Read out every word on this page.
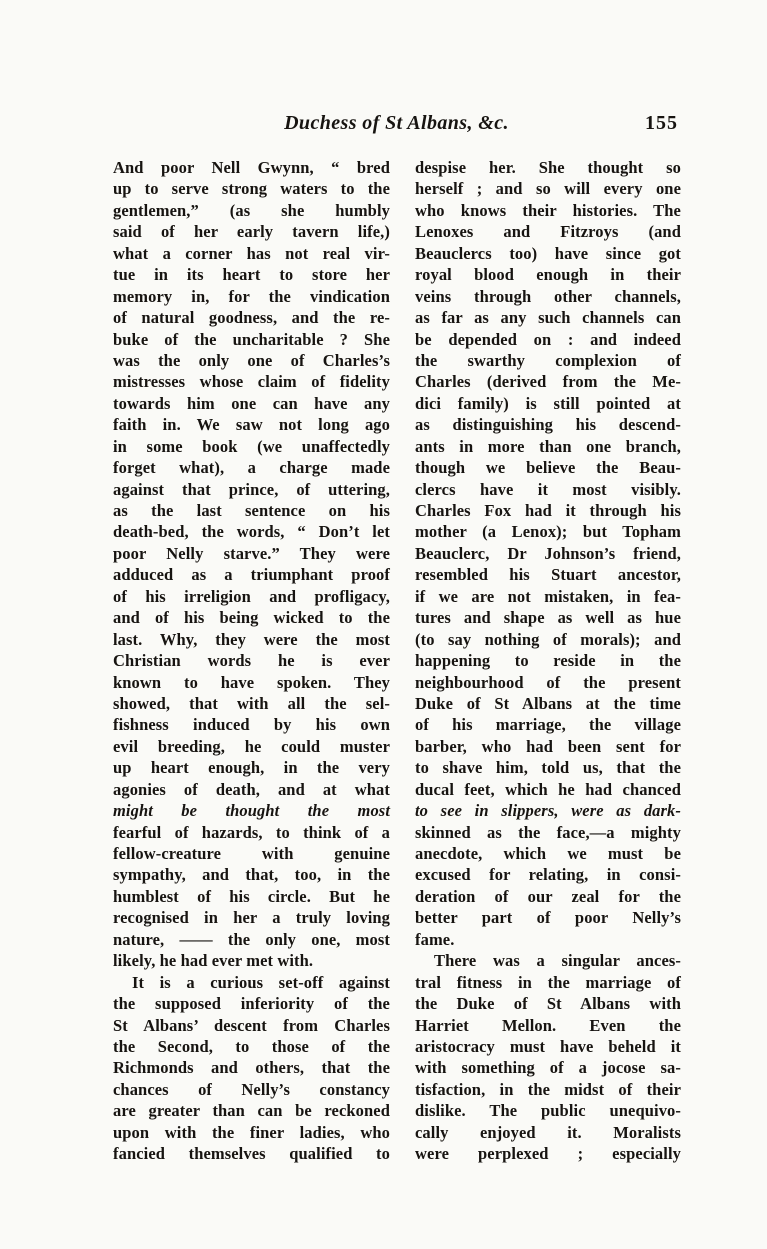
Duchess of St Albans, &c.	155
And poor Nell Gwynn, “ bred
up to serve strong waters to the
gentlemen,” (as she humbly
said of her early tavern life,)
what a corner has not real vir-
tue in its heart to store her
memory in, for the vindication
of natural goodness, and the re-
buke of the uncharitable ? She
was the only one of Charles’s
mistresses whose claim of fidelity
towards him one can have any
faith in. We saw not long ago
in some book (we unaffectedly
forget what), a charge made
against that prince, of uttering,
as the last sentence on his
death-bed, the words, “ Don’t let
poor Nelly starve.” They were
adduced as a triumphant proof
of his irreligion and profligacy,
and of his being wicked to the
last. Why, they were the most
Christian words he is ever
known to have spoken. They
showed, that with all the sel-
fishness induced by his own
evil breeding, he could muster
up heart enough, in the very
agonies of death, and at what
might be thought the most
fearful of hazards, to think of a
fellow-creature with genuine
sympathy, and that, too, in the
humblest of his circle. But he
recognised in her a truly loving
nature, —— the only one, most
likely, he had ever met with.
It is a curious set-off against
the supposed inferiority of the
St Albans’ descent from Charles
the Second, to those of the
Richmonds and others, that the
chances of Nelly’s constancy
are greater than can be reckoned
upon with the finer ladies, who
fancied themselves qualified to
despise her. She thought so
herself ; and so will every one
who knows their histories. The
Lenoxes and Fitzroys (and
Beauclercs too) have since got
royal blood enough in their
veins through other channels,
as far as any such channels can
be depended on : and indeed
the swarthy complexion of
Charles (derived from the Me-
dici family) is still pointed at
as distinguishing his descend-
ants in more than one branch,
though we believe the Beau-
clercs have it most visibly.
Charles Fox had it through his
mother (a Lenox); but Topham
Beauclerc, Dr Johnson’s friend,
resembled his Stuart ancestor,
if we are not mistaken, in fea-
tures and shape as well as hue
(to say nothing of morals); and
happening to reside in the
neighbourhood of the present
Duke of St Albans at the time
of his marriage, the village
barber, who had been sent for
to shave him, told us, that the
ducal feet, which he had chanced
to see in slippers, were as dark-
skinned as the face,—a mighty
anecdote, which we must be
excused for relating, in consi-
deration of our zeal for the
better part of poor Nelly’s
fame.
There was a singular ances-
tral fitness in the marriage of
the Duke of St Albans with
Harriet Mellon. Even the
aristocracy must have beheld it
with something of a jocose sa-
tisfaction, in the midst of their
dislike. The public unequivo-
cally enjoyed it. Moralists
were perplexed ; especially
